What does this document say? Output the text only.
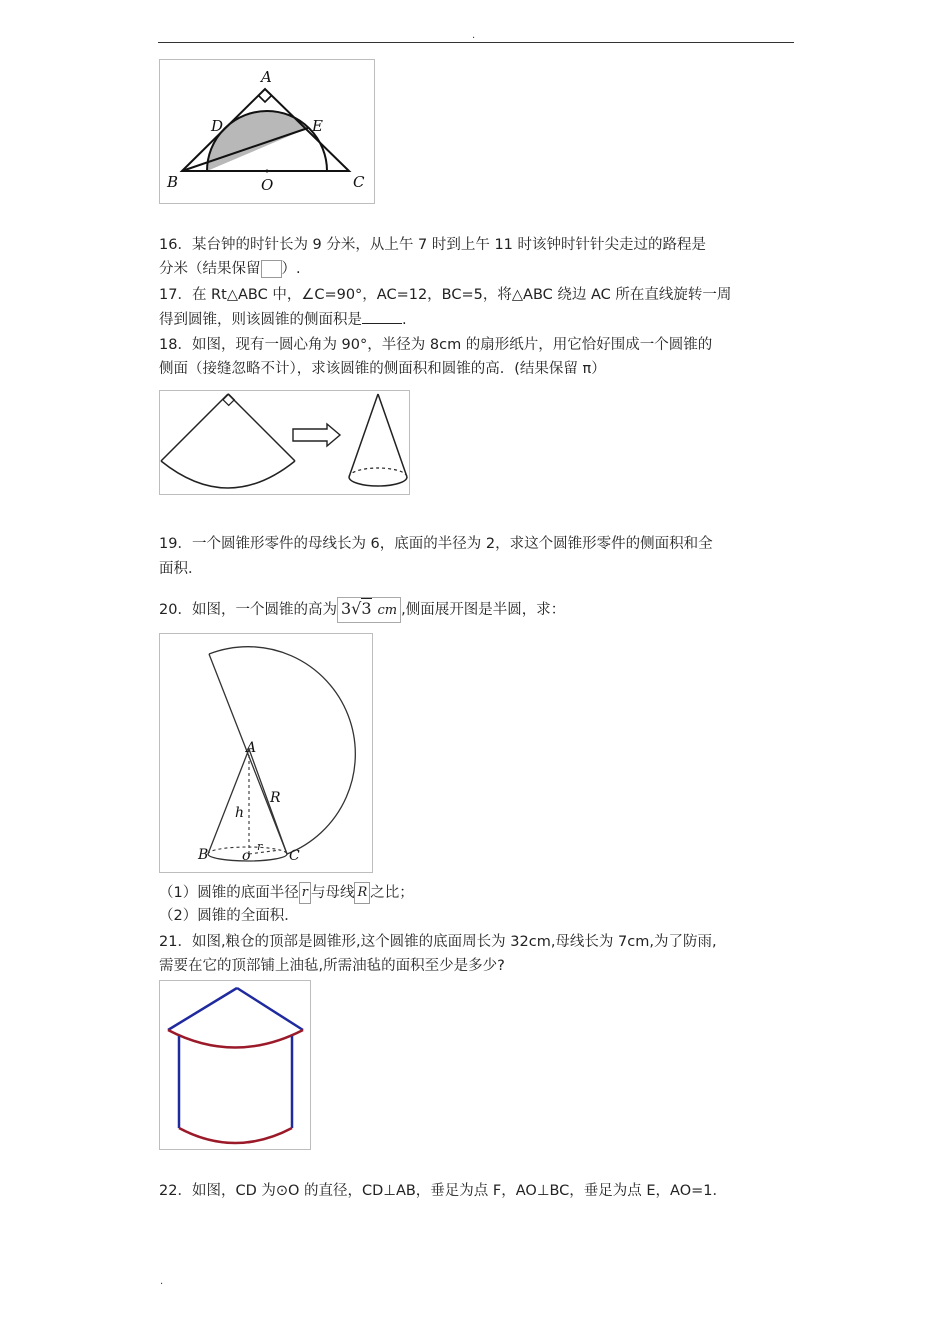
.
A
B	C
D	E
O
16．某台钟的时针长为 9 分米，从上午 7 时到上午 11 时该钟时针针尖走过的路程是
分米（结果保留 ）.
17．在 Rt△ABC 中，∠C=90°，AC=12，BC=5，将△ABC 绕边 AC 所在直线旋转一周
得到圆锥，则该圆锥的侧面积是	.
18．如图，现有一圆心角为 90°，半径为 8cm 的扇形纸片，用它恰好围成一个圆锥的
侧面（接缝忽略不计），求该圆锥的侧面积和圆锥的高．(结果保留 π）
19．一个圆锥形零件的母线长为 6，底面的半径为 2，求这个圆锥形零件的侧面积和全
面积．
20．如图，一个圆锥的高为 3√3 cm ,侧面展开图是半圆，求：
A
R
h
B	C
o
r
（1）圆锥的底面半径 r 与母线 R 之比；
（2）圆锥的全面积．
21．如图,粮仓的顶部是圆锥形,这个圆锥的底面周长为 32cm,母线长为 7cm,为了防雨,
需要在它的顶部铺上油毡,所需油毡的面积至少是多少?
22．如图，CD 为⊙O 的直径，CD⊥AB，垂足为点 F，AO⊥BC，垂足为点 E，AO=1．
.
